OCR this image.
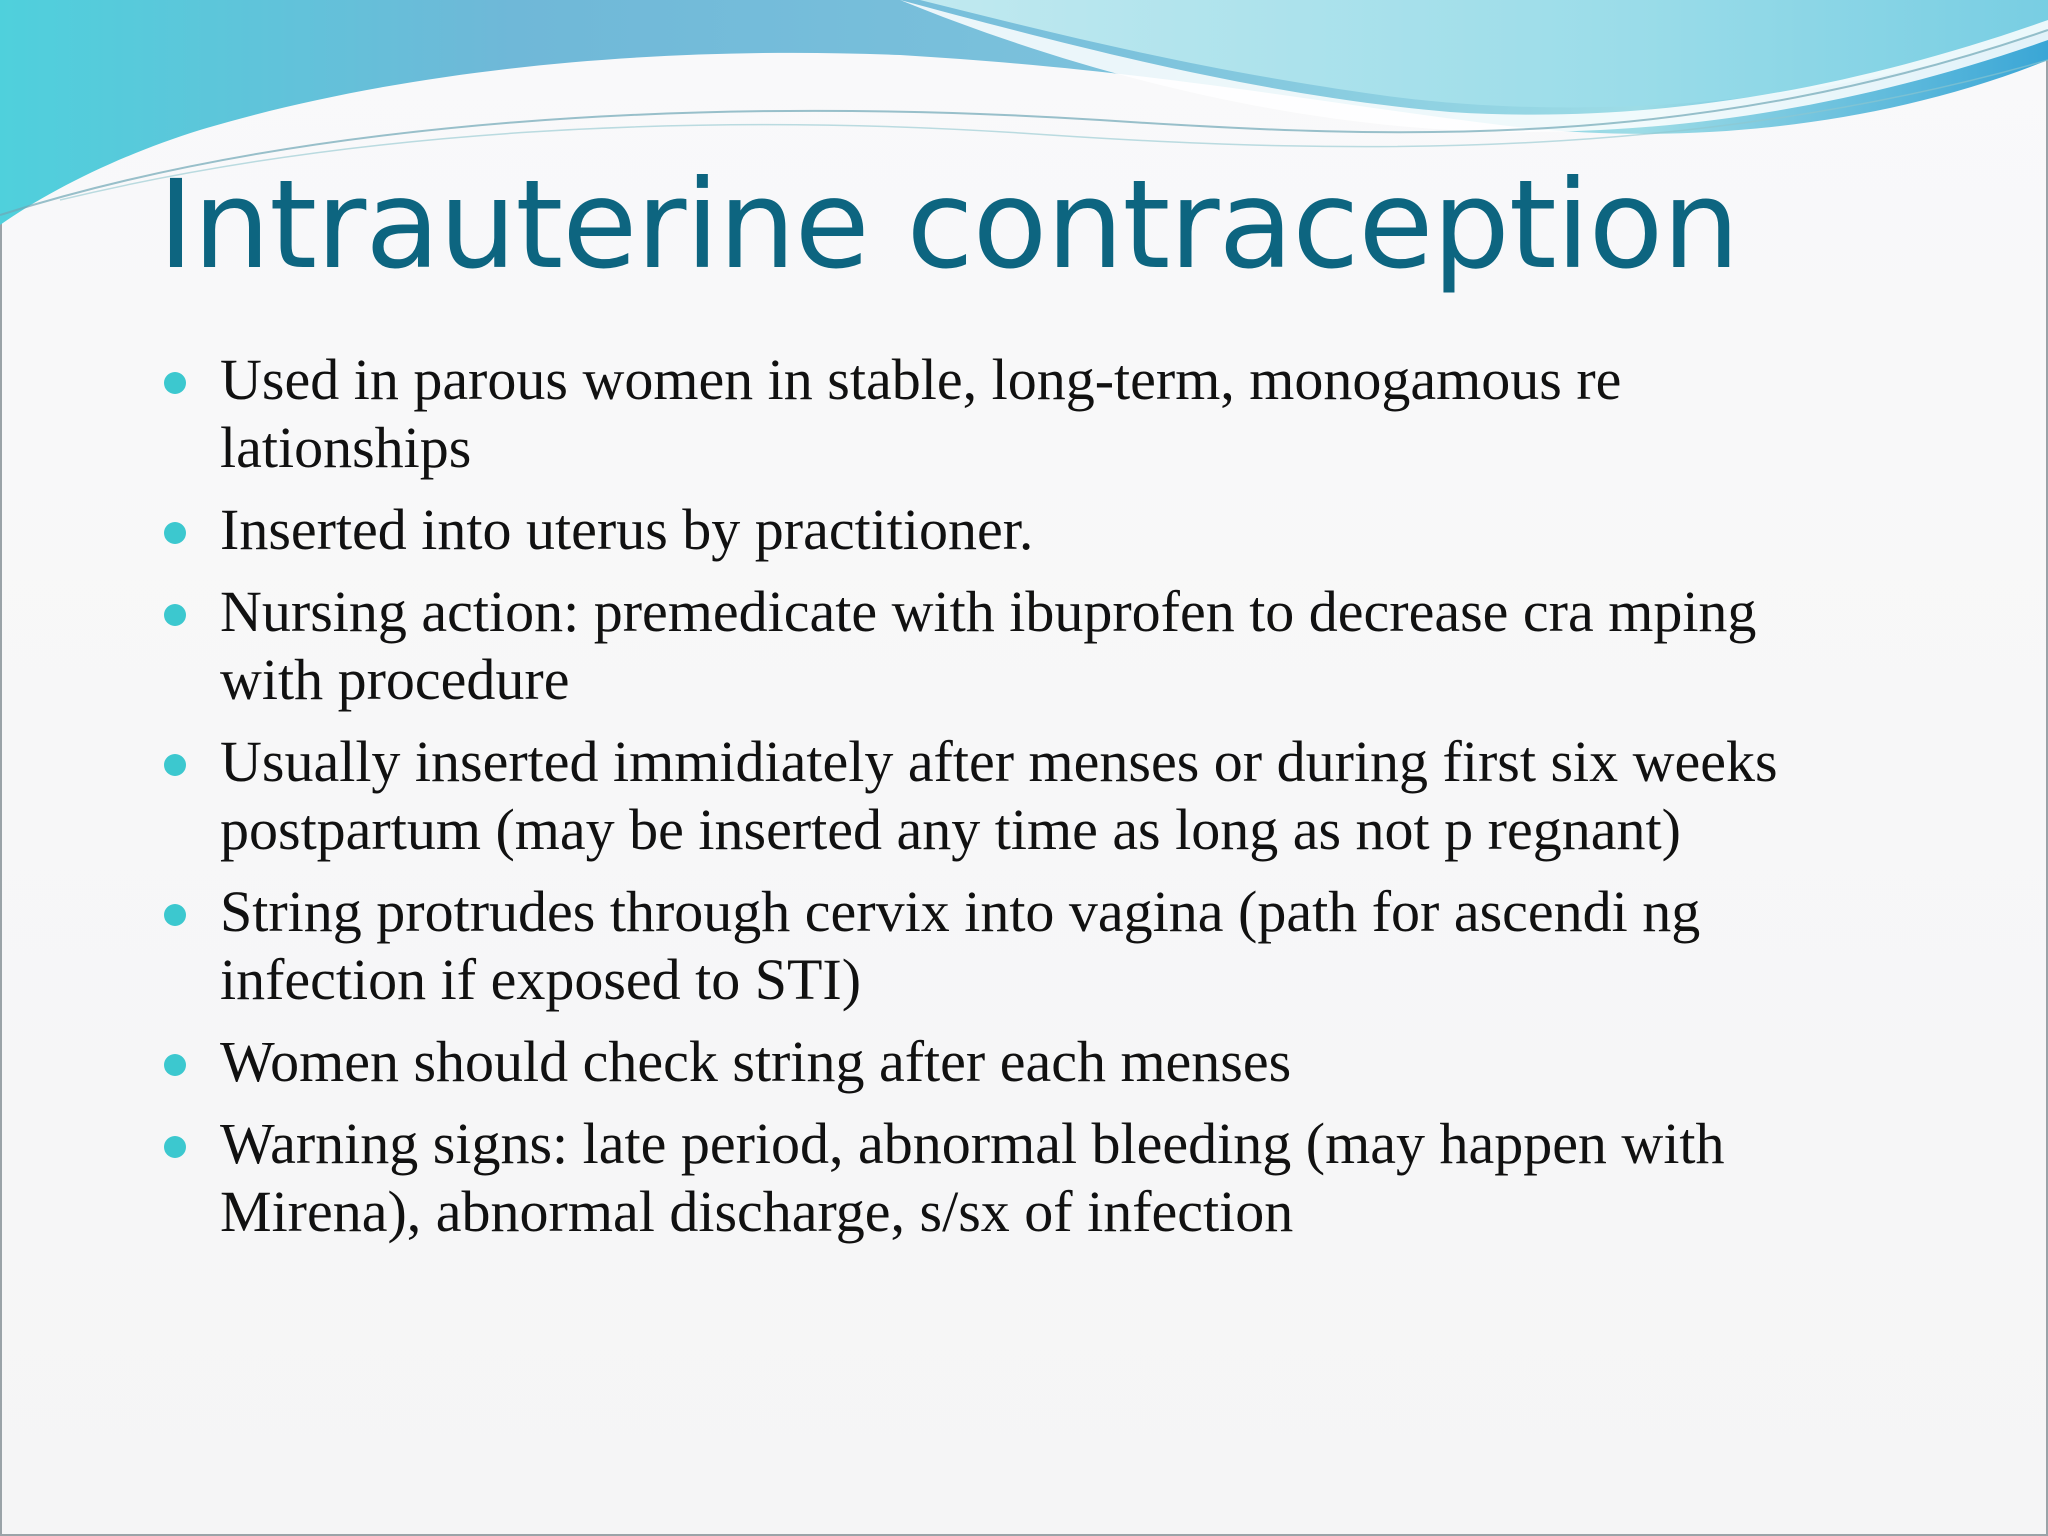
Intrauterine contraception
Used in parous women in stable, long-term, monogamous re lationships
Inserted into uterus by practitioner.
Nursing action: premedicate with ibuprofen to decrease cra mping with procedure
Usually inserted immidiately after menses or during first six weeks postpartum (may be inserted any time as long as not p regnant)
String protrudes through cervix into vagina (path for ascendi ng infection if exposed to STI)
Women should check string after each menses
Warning signs: late period, abnormal bleeding (may happen with Mirena), abnormal discharge, s/sx of infection
